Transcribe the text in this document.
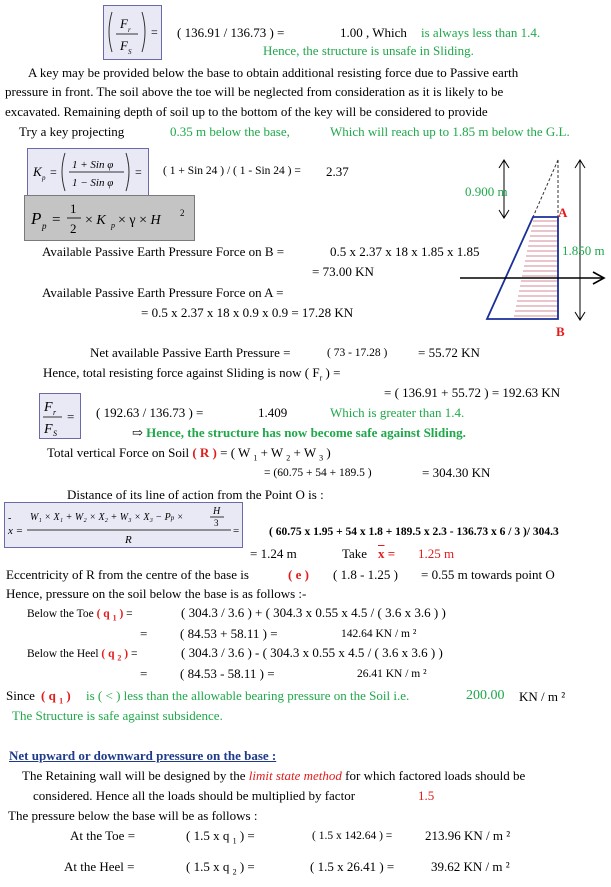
F r
F S
= ( 136.91 / 136.73 ) =	1.00 , Which is always less than 1.4.
Hence, the structure is unsafe in Sliding.
A key may be provided below the base to obtain additional resisting force due to Passive earth
pressure in front. The soil above the toe will be neglected from consideration as it is likely to be
excavated. Remaining depth of soil up to the bottom of the key will be considered to provide
Try a key projecting	0.35 m below the base,	Which will reach up to 1.85 m below the G.L.
K p = 1 + Sin φ
1 − Sin φ
= ( 1 + Sin 24 ) / ( 1 - Sin 24 ) = 2.37
P p =
1
2
× K p × γ × H 2
0.900 m
1.850 m
A
B
Available Passive Earth Pressure Force on B =	0.5 x 2.37 x 18 x 1.85 x 1.85
= 73.00 KN
Available Passive Earth Pressure Force on A =
= 0.5 x 2.37 x 18 x 0.9 x 0.9 = 17.28 KN
Net available Passive Earth Pressure =	( 73 - 17.28 ) = 55.72 KN
Hence, total resisting force against Sliding is now ( $F_r$ ) =
= ( 136.91 + 55.72 ) = 192.63 KN
F r
F S
= ( 192.63 / 136.73 ) =	1.409	Which is greater than 1.4.
⇨ Hence, the structure has now become safe against Sliding.
Total vertical Force on Soil ( R ) = ( W $_1$ + W $_2$ + W $_3$ )
= (60.75 + 54 + 189.5 )	= 304.30 KN
Distance of its line of action from the Point O is :
-
x =
W₁ × X₁ + W₂ × X₂ + W₃ × X₃ − Pp ×
H
3
R
=	( 60.75 x 1.95 + 54 x 1.8 + 189.5 x 2.3 - 136.73 x 6 / 3 )/ 304.3
= 1.24 m	Take $\overline{x} = 1.25$ m
Eccentricity of R from the centre of the base is	( e ) ( 1.8 - 1.25 ) = 0.55 m towards point O
Hence, pressure on the soil below the base is as follows :-
Below the Toe ( q $_1$ ) =	( 304.3 / 3.6 ) + ( 304.3 x 0.55 x 4.5 / ( 3.6 x 3.6 ) )
=	( 84.53 + 58.11 ) =	142.64 KN / m ²
Below the Heel ( q $_2$ ) =	( 304.3 / 3.6 ) - ( 304.3 x 0.55 x 4.5 / ( 3.6 x 3.6 ) )
=	( 84.53 - 58.11 ) =	26.41 KN / m ²
Since ( q $_1$ ) is ( < ) less than the allowable bearing pressure on the Soil i.e.	200.00 KN / m ²
The Structure is safe against subsidence.
Net upward or downward pressure on the base :
The Retaining wall will be designed by the limit state method for which factored loads should be
considered. Hence all the loads should be multiplied by factor	1.5
The pressure below the base will be as follows :
At the Toe =	( 1.5 x q $_1$ ) =	( 1.5 x 142.64 ) =	213.96 KN / m ²
At the Heel =	( 1.5 x q $_2$ ) =	( 1.5 x 26.41 ) =	39.62 KN / m ²
